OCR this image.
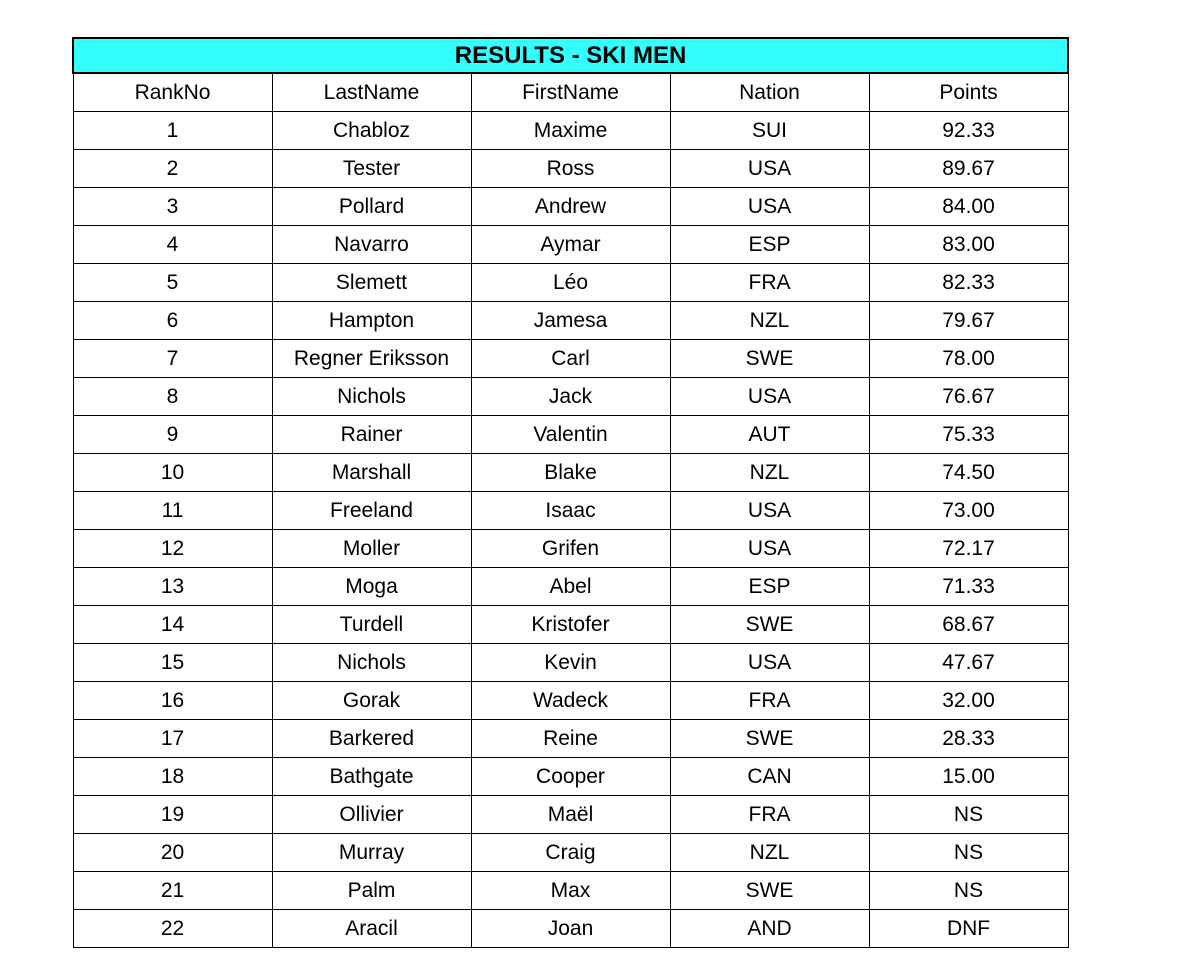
RESULTS - SKI MEN				
RankNo	LastName	FirstName	Nation	Points
1	Chabloz	Maxime	SUI	92.33
2	Tester	Ross	USA	89.67
3	Pollard	Andrew	USA	84.00
4	Navarro	Aymar	ESP	83.00
5	Slemett	Léo	FRA	82.33
6	Hampton	Jamesa	NZL	79.67
7	Regner Eriksson	Carl	SWE	78.00
8	Nichols	Jack	USA	76.67
9	Rainer	Valentin	AUT	75.33
10	Marshall	Blake	NZL	74.50
11	Freeland	Isaac	USA	73.00
12	Moller	Grifen	USA	72.17
13	Moga	Abel	ESP	71.33
14	Turdell	Kristofer	SWE	68.67
15	Nichols	Kevin	USA	47.67
16	Gorak	Wadeck	FRA	32.00
17	Barkered	Reine	SWE	28.33
18	Bathgate	Cooper	CAN	15.00
19	Ollivier	Maël	FRA	NS
20	Murray	Craig	NZL	NS
21	Palm	Max	SWE	NS
22	Aracil	Joan	AND	DNF
